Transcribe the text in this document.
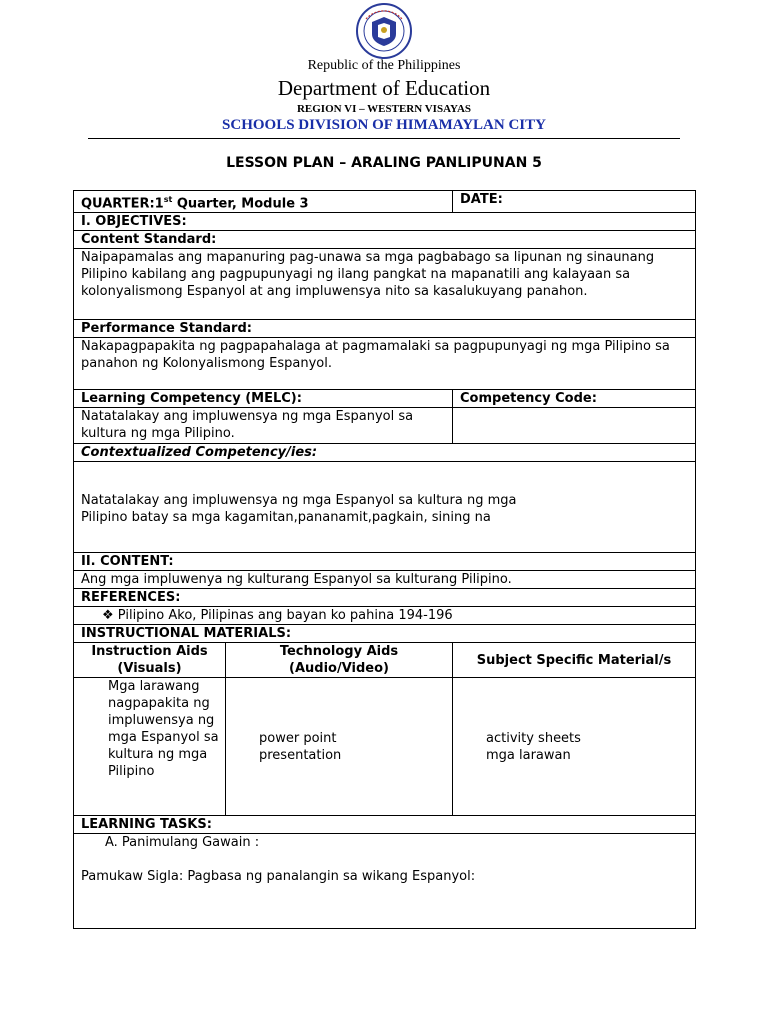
Republic of the Philippines
Department of Education
REGION VI – WESTERN VISAYAS
SCHOOLS DIVISION OF HIMAMAYLAN CITY
LESSON PLAN – ARALING PANLIPUNAN 5
QUARTER:1st Quarter, Module 3		DATE:
I. OBJECTIVES:		
Content Standard:		
Naipapamalas ang mapanuring pag-unawa sa mga pagbabago sa lipunan ng sinaunang Pilipino kabilang ang pagpupunyagi ng ilang pangkat na mapanatili ang kalayaan sa kolonyalismong Espanyol at ang impluwensya nito sa kasalukuyang panahon.		
Performance Standard:		
Nakapagpapakita ng pagpapahalaga at pagmamalaki sa pagpupunyagi ng mga Pilipino sa panahon ng Kolonyalismong Espanyol.		
Learning Competency (MELC):		Competency Code:
Natatalakay ang impluwensya ng mga Espanyol sa kultura ng mga Pilipino.		
Contextualized Competency/ies:		

Natatalakay ang impluwensya ng mga Espanyol sa kultura ng mga Pilipino batay sa mga kagamitan,pananamit,pagkain, sining na		

II. CONTENT:		
Ang mga impluwenya ng kulturang Espanyol sa kulturang Pilipino.		
REFERENCES:		
❖ Pilipino Ako, Pilipinas ang bayan ko pahina 194-196		
INSTRUCTIONAL MATERIALS:		
Instruction Aids (Visuals)	Technology Aids (Audio/Video)	Subject Specific Material/s
Mga larawang nagpapakita ng impluwensya ng mga Espanyol sa kultura ng mga Pilipino	power point presentation	activity sheets mga larawan
LEARNING TASKS:		

A. Panimulang Gawain :
Pamukaw Sigla: Pagbasa ng panalangin sa wikang Espanyol:		
